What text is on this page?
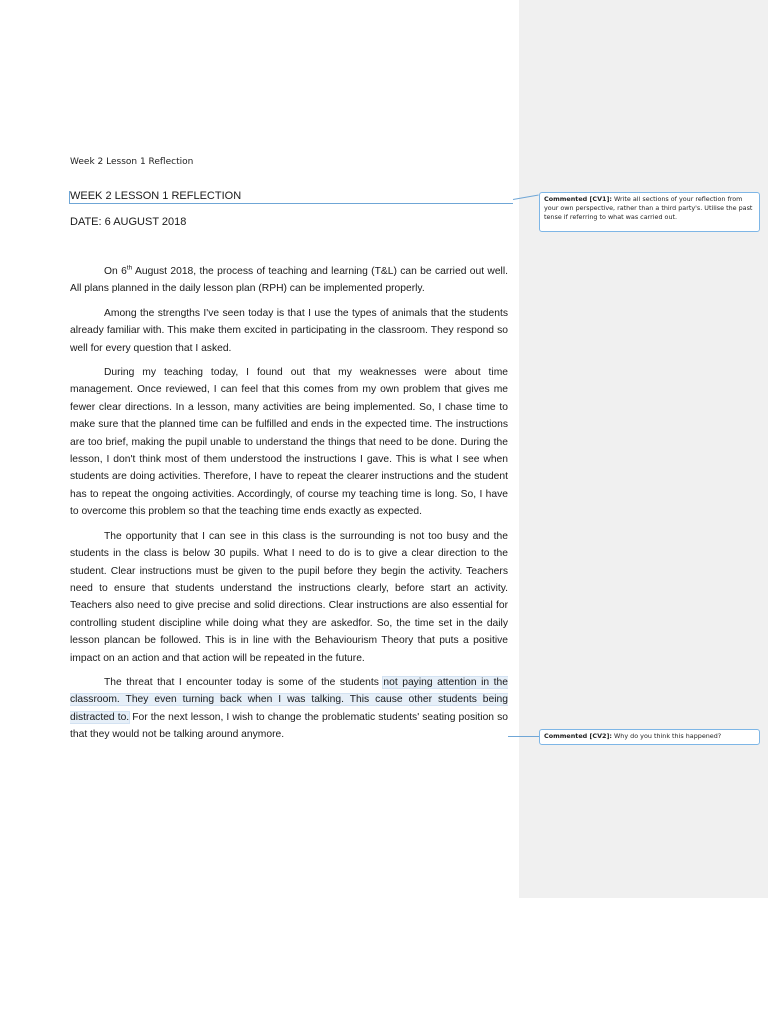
Week 2 Lesson 1 Reflection
WEEK 2 LESSON 1 REFLECTION
DATE: 6 AUGUST 2018

On 6th August 2018, the process of teaching and learning (T&L) can be carried out well. All plans planned in the daily lesson plan (RPH) can be implemented properly.

Among the strengths I've seen today is that I use the types of animals that the students already familiar with. This make them excited in participating in the classroom. They respond so well for every question that I asked.

During my teaching today, I found out that my weaknesses were about time management. Once reviewed, I can feel that this comes from my own problem that gives me fewer clear directions. In a lesson, many activities are being implemented. So, I chase time to make sure that the planned time can be fulfilled and ends in the expected time. The instructions are too brief, making the pupil unable to understand the things that need to be done. During the lesson, I don't think most of them understood the instructions I gave. This is what I see when students are doing activities. Therefore, I have to repeat the clearer instructions and the student has to repeat the ongoing activities. Accordingly, of course my teaching time is long. So, I have to overcome this problem so that the teaching time ends exactly as expected.

The opportunity that I can see in this class is the surrounding is not too busy and the students in the class is below 30 pupils. What I need to do is to give a clear direction to the student. Clear instructions must be given to the pupil before they begin the activity. Teachers need to ensure that students understand the instructions clearly, before start an activity. Teachers also need to give precise and solid directions. Clear instructions are also essential for controlling student discipline while doing what they are askedfor. So, the time set in the daily lesson plancan be followed. This is in line with the Behaviourism Theory that puts a positive impact on an action and that action will be repeated in the future.

The threat that I encounter today is some of the students not paying attention in the classroom. They even turning back when I was talking. This cause other students being distracted to. For the next lesson, I wish to change the problematic students' seating position so that they would not be talking around anymore.

Commented [CV1]: Write all sections of your reflection from your own perspective, rather than a third party's. Utilise the past tense if referring to what was carried out.
Commented [CV2]: Why do you think this happened?
